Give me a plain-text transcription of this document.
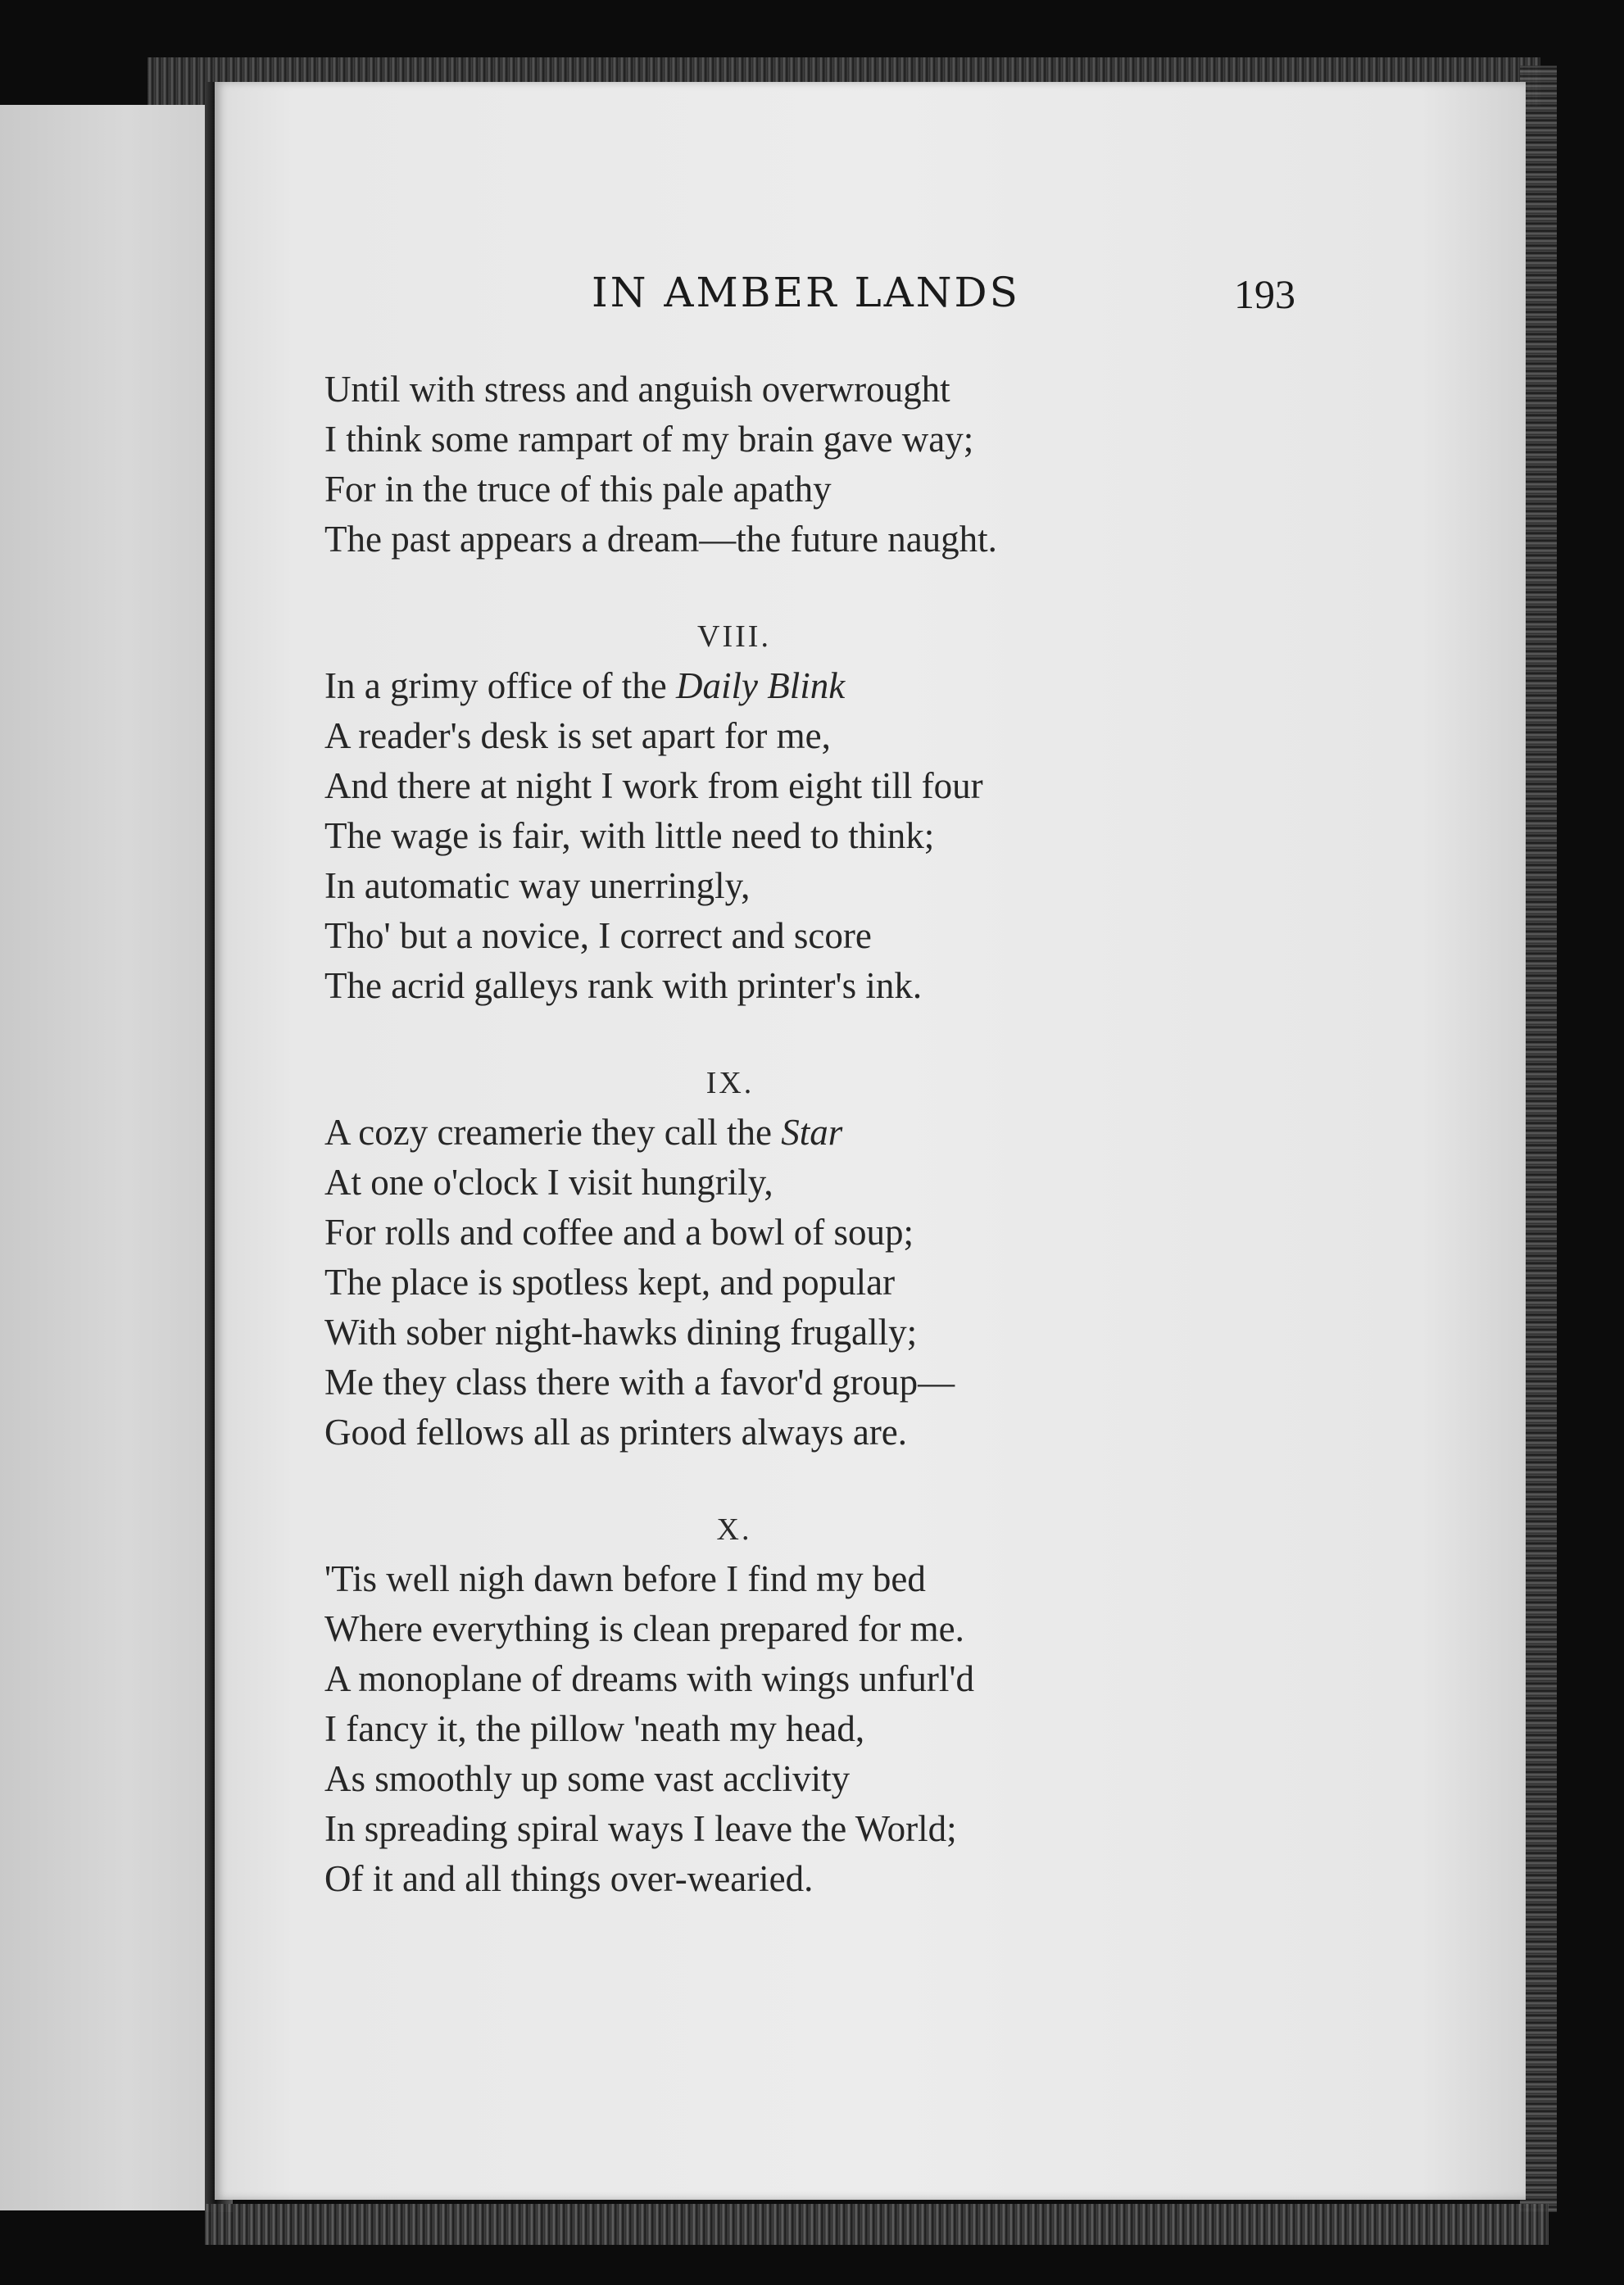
IN AMBER LANDS	193
Until with stress and anguish overwrought
I think some rampart of my brain gave way;
For in the truce of this pale apathy
The past appears a dream—the future naught.
VIII.
In a grimy office of the Daily Blink
A reader's desk is set apart for me,
And there at night I work from eight till four
The wage is fair, with little need to think;
In automatic way unerringly,
Tho' but a novice, I correct and score
The acrid galleys rank with printer's ink.
IX.
A cozy creamerie they call the Star
At one o'clock I visit hungrily,
For rolls and coffee and a bowl of soup;
The place is spotless kept, and popular
With sober night-hawks dining frugally;
Me they class there with a favor'd group—
Good fellows all as printers always are.
X.
'Tis well nigh dawn before I find my bed
Where everything is clean prepared for me.
A monoplane of dreams with wings unfurl'd
I fancy it, the pillow 'neath my head,
As smoothly up some vast acclivity
In spreading spiral ways I leave the World;
Of it and all things over-wearied.
